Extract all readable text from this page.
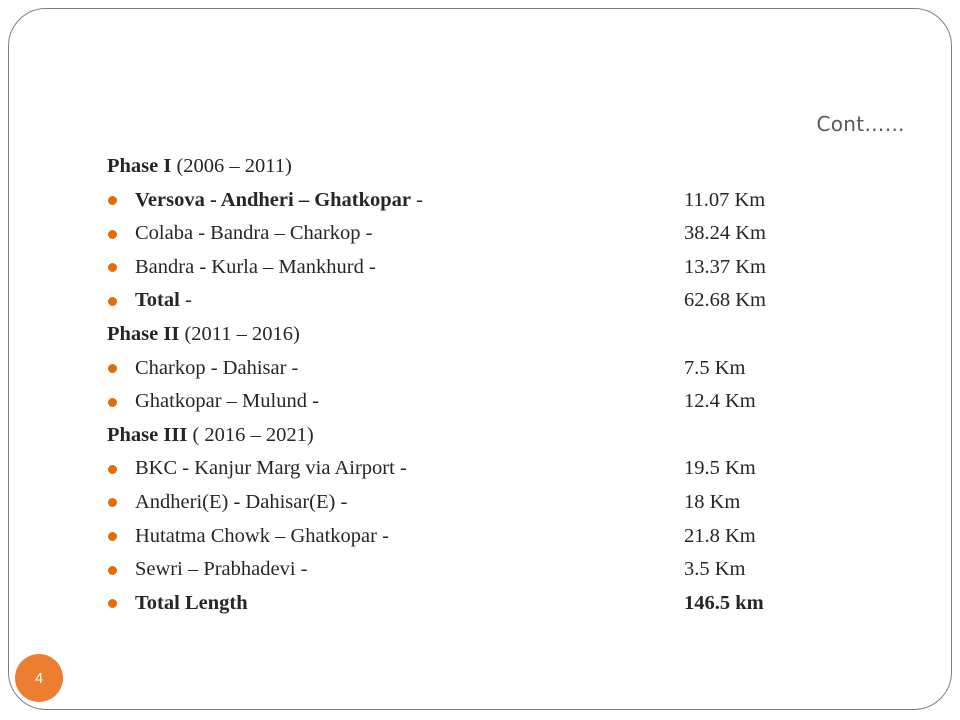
Cont……
Phase I (2006 – 2011)
Versova - Andheri – Ghatkopar -	11.07 Km
Colaba - Bandra – Charkop -	38.24 Km
Bandra - Kurla – Mankhurd -	13.37 Km
Total -	62.68 Km
Phase II (2011 – 2016)
Charkop - Dahisar -	7.5 Km
Ghatkopar – Mulund -	12.4 Km
Phase III ( 2016 – 2021)
BKC - Kanjur Marg via Airport -	19.5 Km
Andheri(E) - Dahisar(E) -	18 Km
Hutatma Chowk – Ghatkopar -	21.8 Km
Sewri – Prabhadevi -	3.5 Km
Total Length	146.5 km
4
